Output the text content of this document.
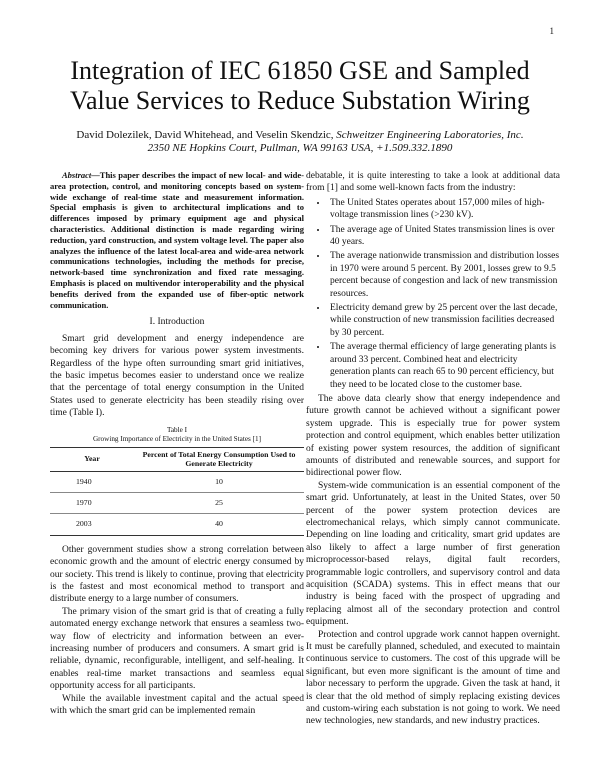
1
Integration of IEC 61850 GSE and Sampled Value Services to Reduce Substation Wiring
David Dolezilek, David Whitehead, and Veselin Skendzic, Schweitzer Engineering Laboratories, Inc.
2350 NE Hopkins Court, Pullman, WA 99163 USA, +1.509.332.1890

Abstract—This paper describes the impact of new local- and wide-area protection, control, and monitoring concepts based on system-wide exchange of real-time state and measurement information. Special emphasis is given to architectural implications and to differences imposed by primary equipment age and physical characteristics. Additional distinction is made regarding wiring reduction, yard construction, and system voltage level. The paper also analyzes the influence of the latest local-area and wide-area network communications technologies, including the methods for precise, network-based time synchronization and fixed rate messaging. Emphasis is placed on multivendor interoperability and the physical benefits derived from the expanded use of fiber-optic network communication.

I. Introduction

Smart grid development and energy independence are becoming key drivers for various power system investments. Regardless of the hype often surrounding smart grid initiatives, the basic impetus becomes easier to understand once we realize that the percentage of total energy consumption in the United States used to generate electricity has been steadily rising over time (Table I).

Table I
Growing Importance of Electricity in the United States [1]
Year	Percent of Total Energy Consumption Used to Generate Electricity
1940	10
1970	25
2003	40

Other government studies show a strong correlation between economic growth and the amount of electric energy consumed by our society. This trend is likely to continue, proving that electricity is the fastest and most economical method to transport and distribute energy to a large number of consumers.

The primary vision of the smart grid is that of creating a fully automated energy exchange network that ensures a seamless two-way flow of electricity and information between an ever-increasing number of producers and consumers. A smart grid is reliable, dynamic, reconfigurable, intelligent, and self-healing. It enables real-time market transactions and seamless equal opportunity access for all participants.

While the available investment capital and the actual speed with which the smart grid can be implemented remain

debatable, it is quite interesting to take a look at additional data from [1] and some well-known facts from the industry:

• The United States operates about 157,000 miles of high-voltage transmission lines (>230 kV).
• The average age of United States transmission lines is over 40 years.
• The average nationwide transmission and distribution losses in 1970 were around 5 percent. By 2001, losses grew to 9.5 percent because of congestion and lack of new transmission resources.
• Electricity demand grew by 25 percent over the last decade, while construction of new transmission facilities decreased by 30 percent.
• The average thermal efficiency of large generating plants is around 33 percent. Combined heat and electricity generation plants can reach 65 to 90 percent efficiency, but they need to be located close to the customer base.

The above data clearly show that energy independence and future growth cannot be achieved without a significant power system upgrade. This is especially true for power system protection and control equipment, which enables better utilization of existing power system resources, the addition of significant amounts of distributed and renewable sources, and support for bidirectional power flow.

System-wide communication is an essential component of the smart grid. Unfortunately, at least in the United States, over 50 percent of the power system protection devices are electromechanical relays, which simply cannot communicate. Depending on line loading and criticality, smart grid updates are also likely to affect a large number of first generation microprocessor-based relays, digital fault recorders, programmable logic controllers, and supervisory control and data acquisition (SCADA) systems. This in effect means that our industry is being faced with the prospect of upgrading and replacing almost all of the secondary protection and control equipment.

Protection and control upgrade work cannot happen overnight. It must be carefully planned, scheduled, and executed to maintain continuous service to customers. The cost of this upgrade will be significant, but even more significant is the amount of time and labor necessary to perform the upgrade. Given the task at hand, it is clear that the old method of simply replacing existing devices and custom-wiring each substation is not going to work. We need new technologies, new standards, and new industry practices.
